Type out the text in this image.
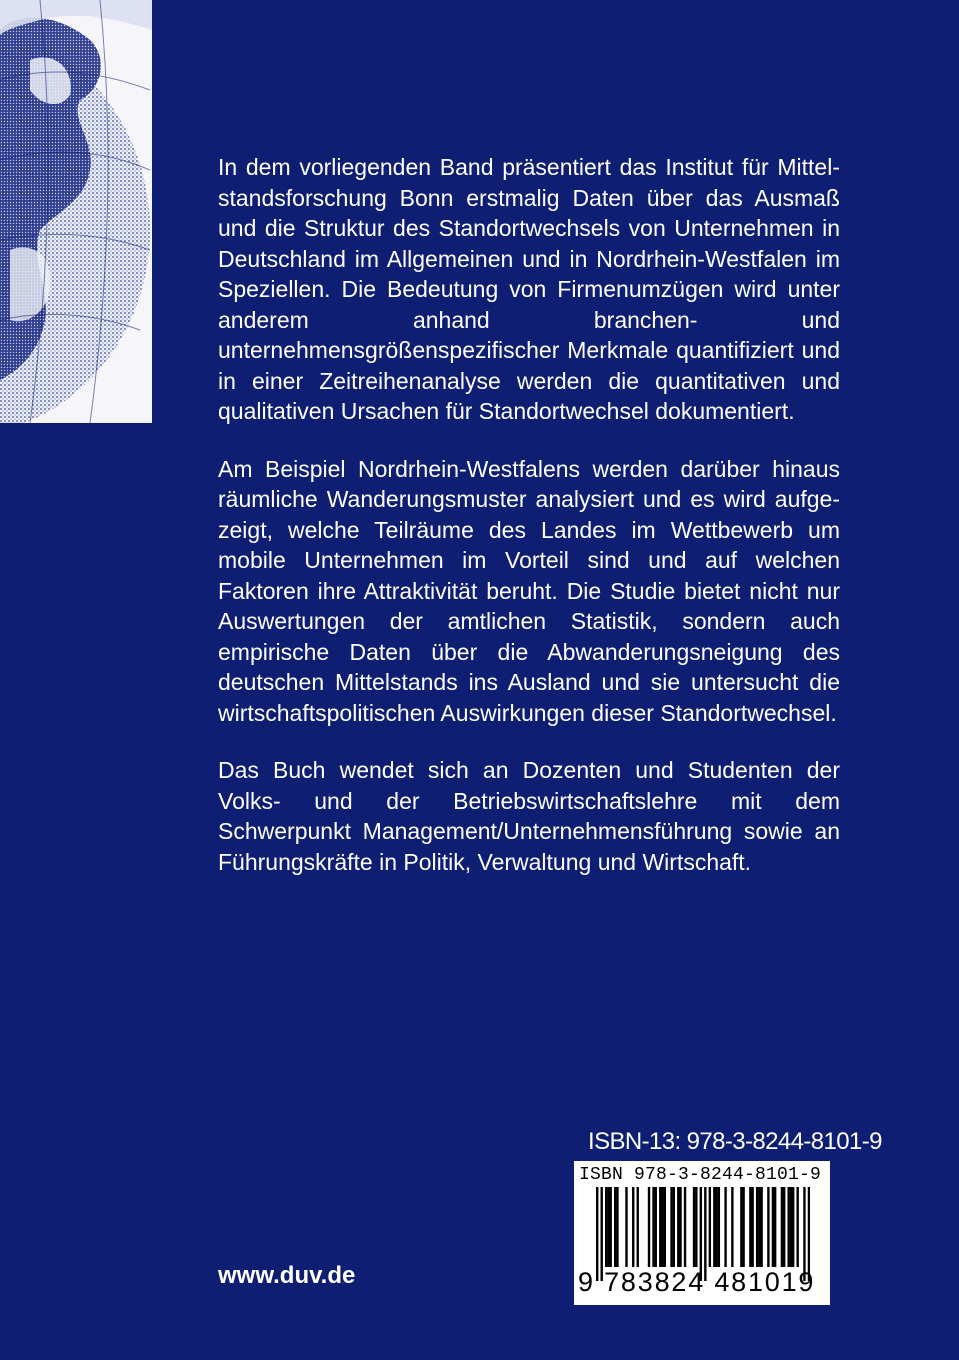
In dem vorliegenden Band präsentiert das Institut für Mittelstandsforschung Bonn erstmalig Daten über das Ausmaß und die Struktur des Standortwechsels von Unternehmen in Deutschland im Allgemeinen und in Nordrhein-Westfalen im Speziellen. Die Bedeutung von Firmenumzügen wird unter anderem anhand branchen- und unternehmensgrößenspezifischer Merkmale quantifiziert und in einer Zeitreihenanalyse werden die quantitativen und qualitativen Ursachen für Standortwechsel dokumentiert.

Am Beispiel Nordrhein-Westfalens werden darüber hinaus räumliche Wanderungsmuster analysiert und es wird aufgezeigt, welche Teilräume des Landes im Wettbewerb um mobile Unternehmen im Vorteil sind und auf welchen Faktoren ihre Attraktivität beruht. Die Studie bietet nicht nur Auswertungen der amtlichen Statistik, sondern auch empirische Daten über die Abwanderungsneigung des deutschen Mittelstands ins Ausland und sie untersucht die wirtschaftspolitischen Auswirkungen dieser Standortwechsel.

Das Buch wendet sich an Dozenten und Studenten der Volks- und der Betriebswirtschaftslehre mit dem Schwerpunkt Management/Unternehmensführung sowie an Führungskräfte in Politik, Verwaltung und Wirtschaft.

ISBN-13: 978-3-8244-8101-9
ISBN 978-3-8244-8101-9
9 783824 481019
www.duv.de
